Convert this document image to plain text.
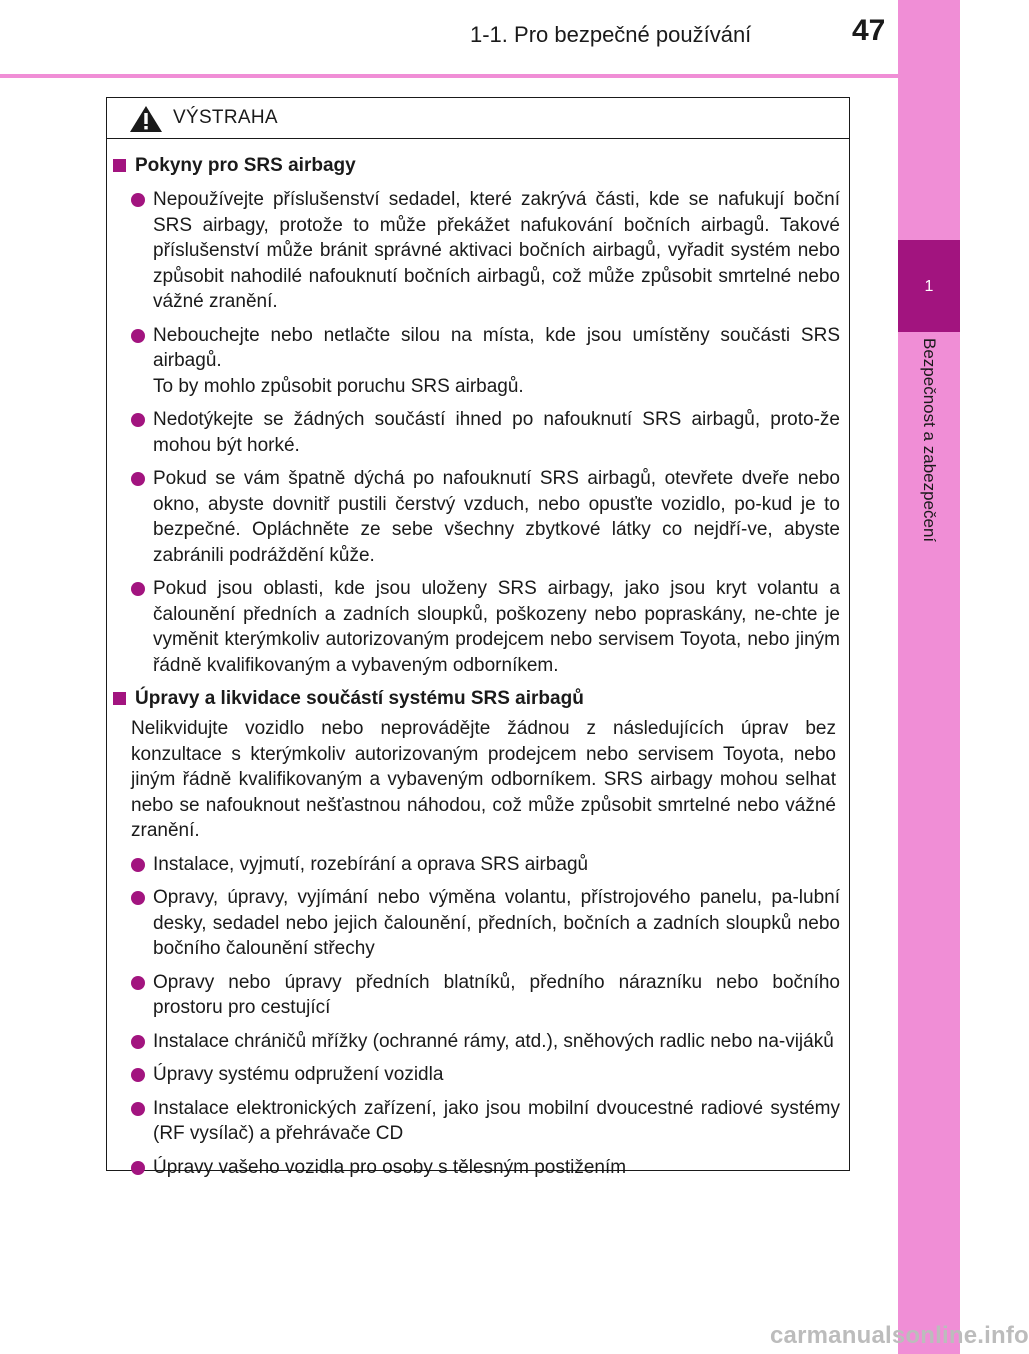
1-1. Pro bezpečné používání	47
1
Bezpečnost a zabezpečení
VÝSTRAHA
Pokyny pro SRS airbagy

Nepoužívejte příslušenství sedadel, které zakrývá části, kde se nafukují boční SRS airbagy, protože to může překážet nafukování bočních airbagů. Takové příslušenství může bránit správné aktivaci bočních airbagů, vyřadit systém nebo způsobit nahodilé nafouknutí bočních airbagů, což může způsobit smrtelné nebo vážné zranění.

Nebouchejte nebo netlačte silou na místa, kde jsou umístěny součásti SRS airbagů.

To by mohlo způsobit poruchu SRS airbagů.

Nedotýkejte se žádných součástí ihned po nafouknutí SRS airbagů, proto-že mohou být horké.

Pokud se vám špatně dýchá po nafouknutí SRS airbagů, otevřete dveře nebo okno, abyste dovnitř pustili čerstvý vzduch, nebo opusťte vozidlo, po-kud je to bezpečné. Opláchněte ze sebe všechny zbytkové látky co nejdří-ve, abyste zabránili podráždění kůže.

Pokud jsou oblasti, kde jsou uloženy SRS airbagy, jako jsou kryt volantu a čalounění předních a zadních sloupků, poškozeny nebo popraskány, ne-chte je vyměnit kterýmkoliv autorizovaným prodejcem nebo servisem Toyota, nebo jiným řádně kvalifikovaným a vybaveným odborníkem.

Úpravy a likvidace součástí systému SRS airbagů
Nelikvidujte vozidlo nebo neprovádějte žádnou z následujících úprav bez konzultace s kterýmkoliv autorizovaným prodejcem nebo servisem Toyota, nebo jiným řádně kvalifikovaným a vybaveným odborníkem. SRS airbagy mohou selhat nebo se nafouknout nešťastnou náhodou, což může způsobit smrtelné nebo vážné zranění.

Instalace, vyjmutí, rozebírání a oprava SRS airbagů

Opravy, úpravy, vyjímání nebo výměna volantu, přístrojového panelu, pa-lubní desky, sedadel nebo jejich čalounění, předních, bočních a zadních sloupků nebo bočního čalounění střechy

Opravy nebo úpravy předních blatníků, předního nárazníku nebo bočního prostoru pro cestující

Instalace chráničů mřížky (ochranné rámy, atd.), sněhových radlic nebo na-vijáků

Úpravy systému odpružení vozidla

Instalace elektronických zařízení, jako jsou mobilní dvoucestné radiové systémy (RF vysílač) a přehrávače CD

Úpravy vašeho vozidla pro osoby s tělesným postižením

carmanualsonline.info
